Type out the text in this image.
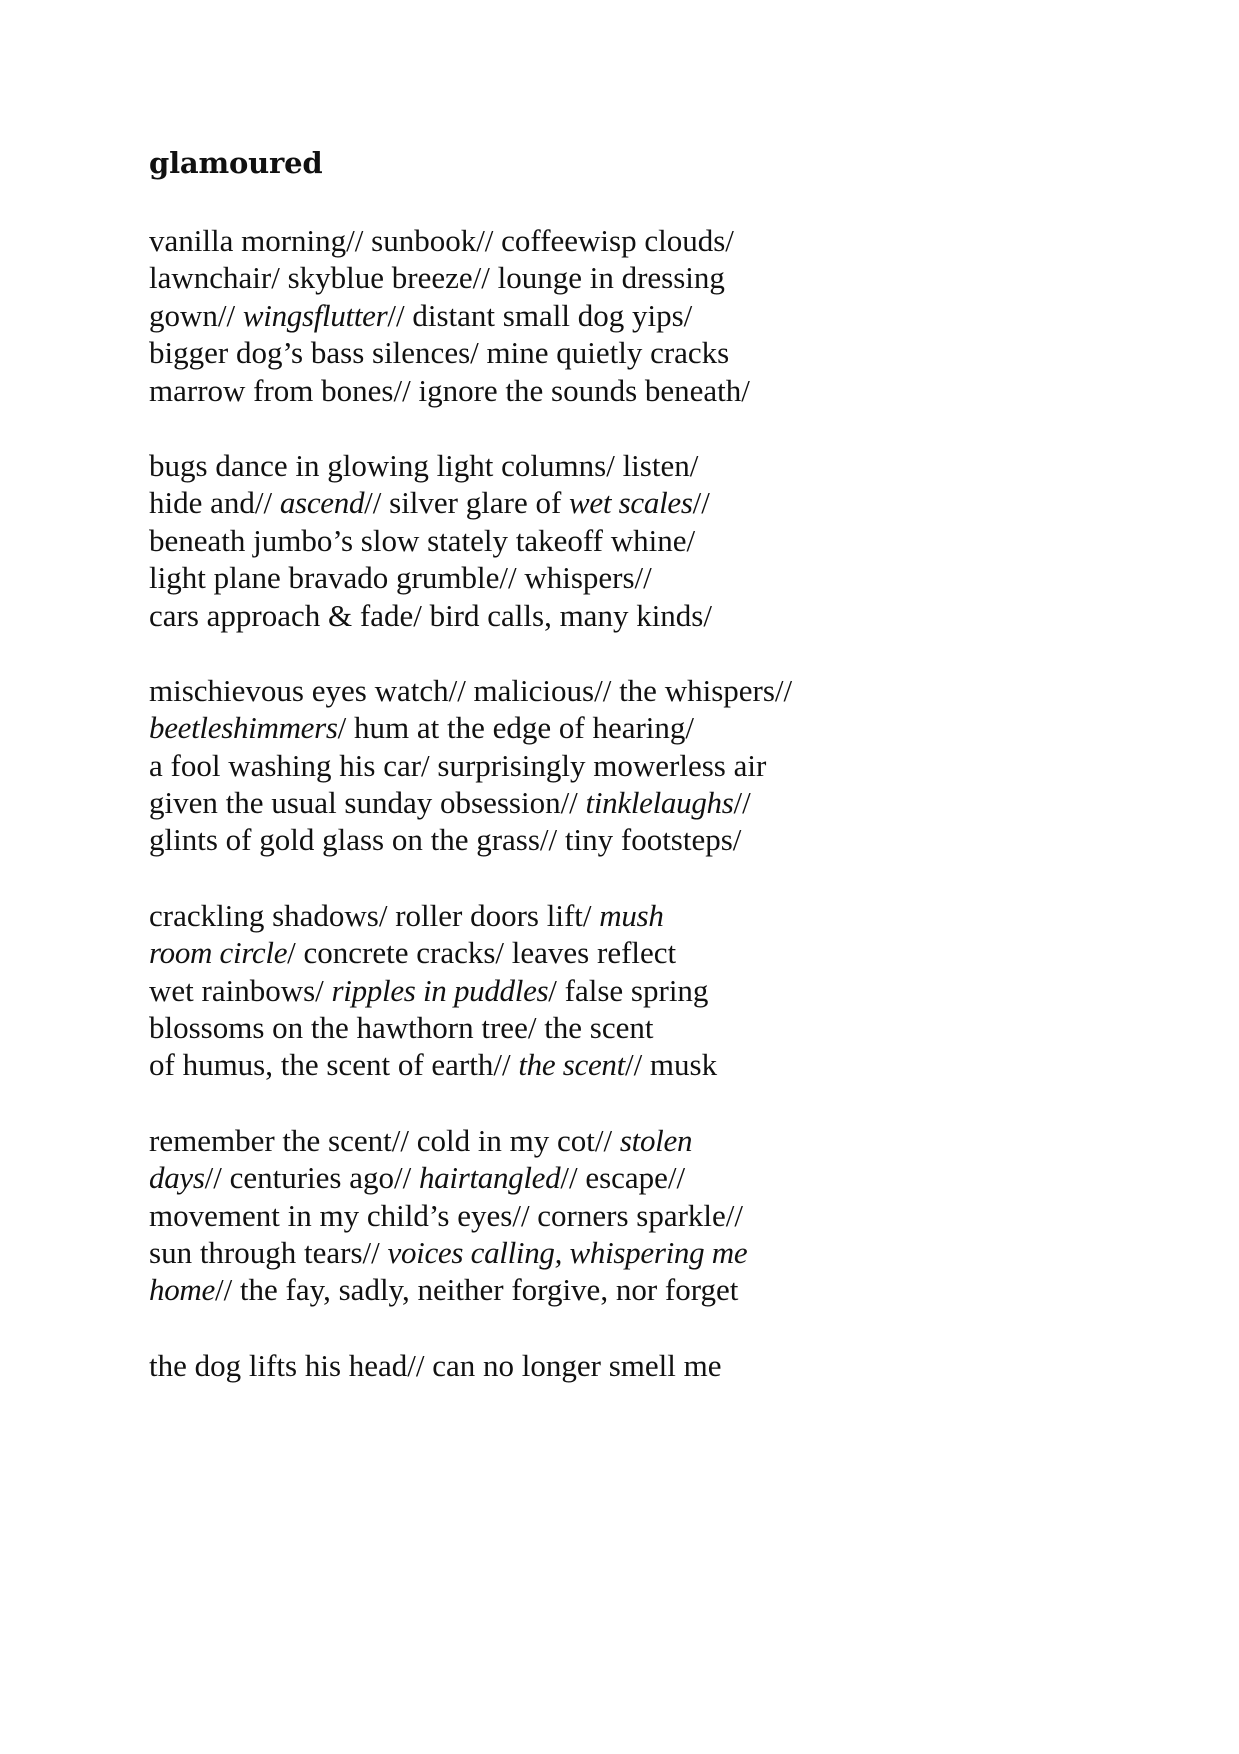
glamoured
vanilla morning// sunbook// coffeewisp clouds/
lawnchair/ skyblue breeze// lounge in dressing
gown// wingsflutter// distant small dog yips/
bigger dog’s bass silences/ mine quietly cracks
marrow from bones// ignore the sounds beneath/
bugs dance in glowing light columns/ listen/
hide and// ascend// silver glare of wet scales//
beneath jumbo’s slow stately takeoff whine/
light plane bravado grumble// whispers//
cars approach & fade/ bird calls, many kinds/
mischievous eyes watch// malicious// the whispers//
beetleshimmers/ hum at the edge of hearing/
a fool washing his car/ surprisingly mowerless air
given the usual sunday obsession// tinklelaughs//
glints of gold glass on the grass// tiny footsteps/
crackling shadows/ roller doors lift/ mush
room circle/ concrete cracks/ leaves reflect
wet rainbows/ ripples in puddles/ false spring
blossoms on the hawthorn tree/ the scent
of humus, the scent of earth// the scent// musk
remember the scent// cold in my cot// stolen
days// centuries ago// hairtangled// escape//
movement in my child’s eyes// corners sparkle//
sun through tears// voices calling, whispering me
home// the fay, sadly, neither forgive, nor forget
the dog lifts his head// can no longer smell me
